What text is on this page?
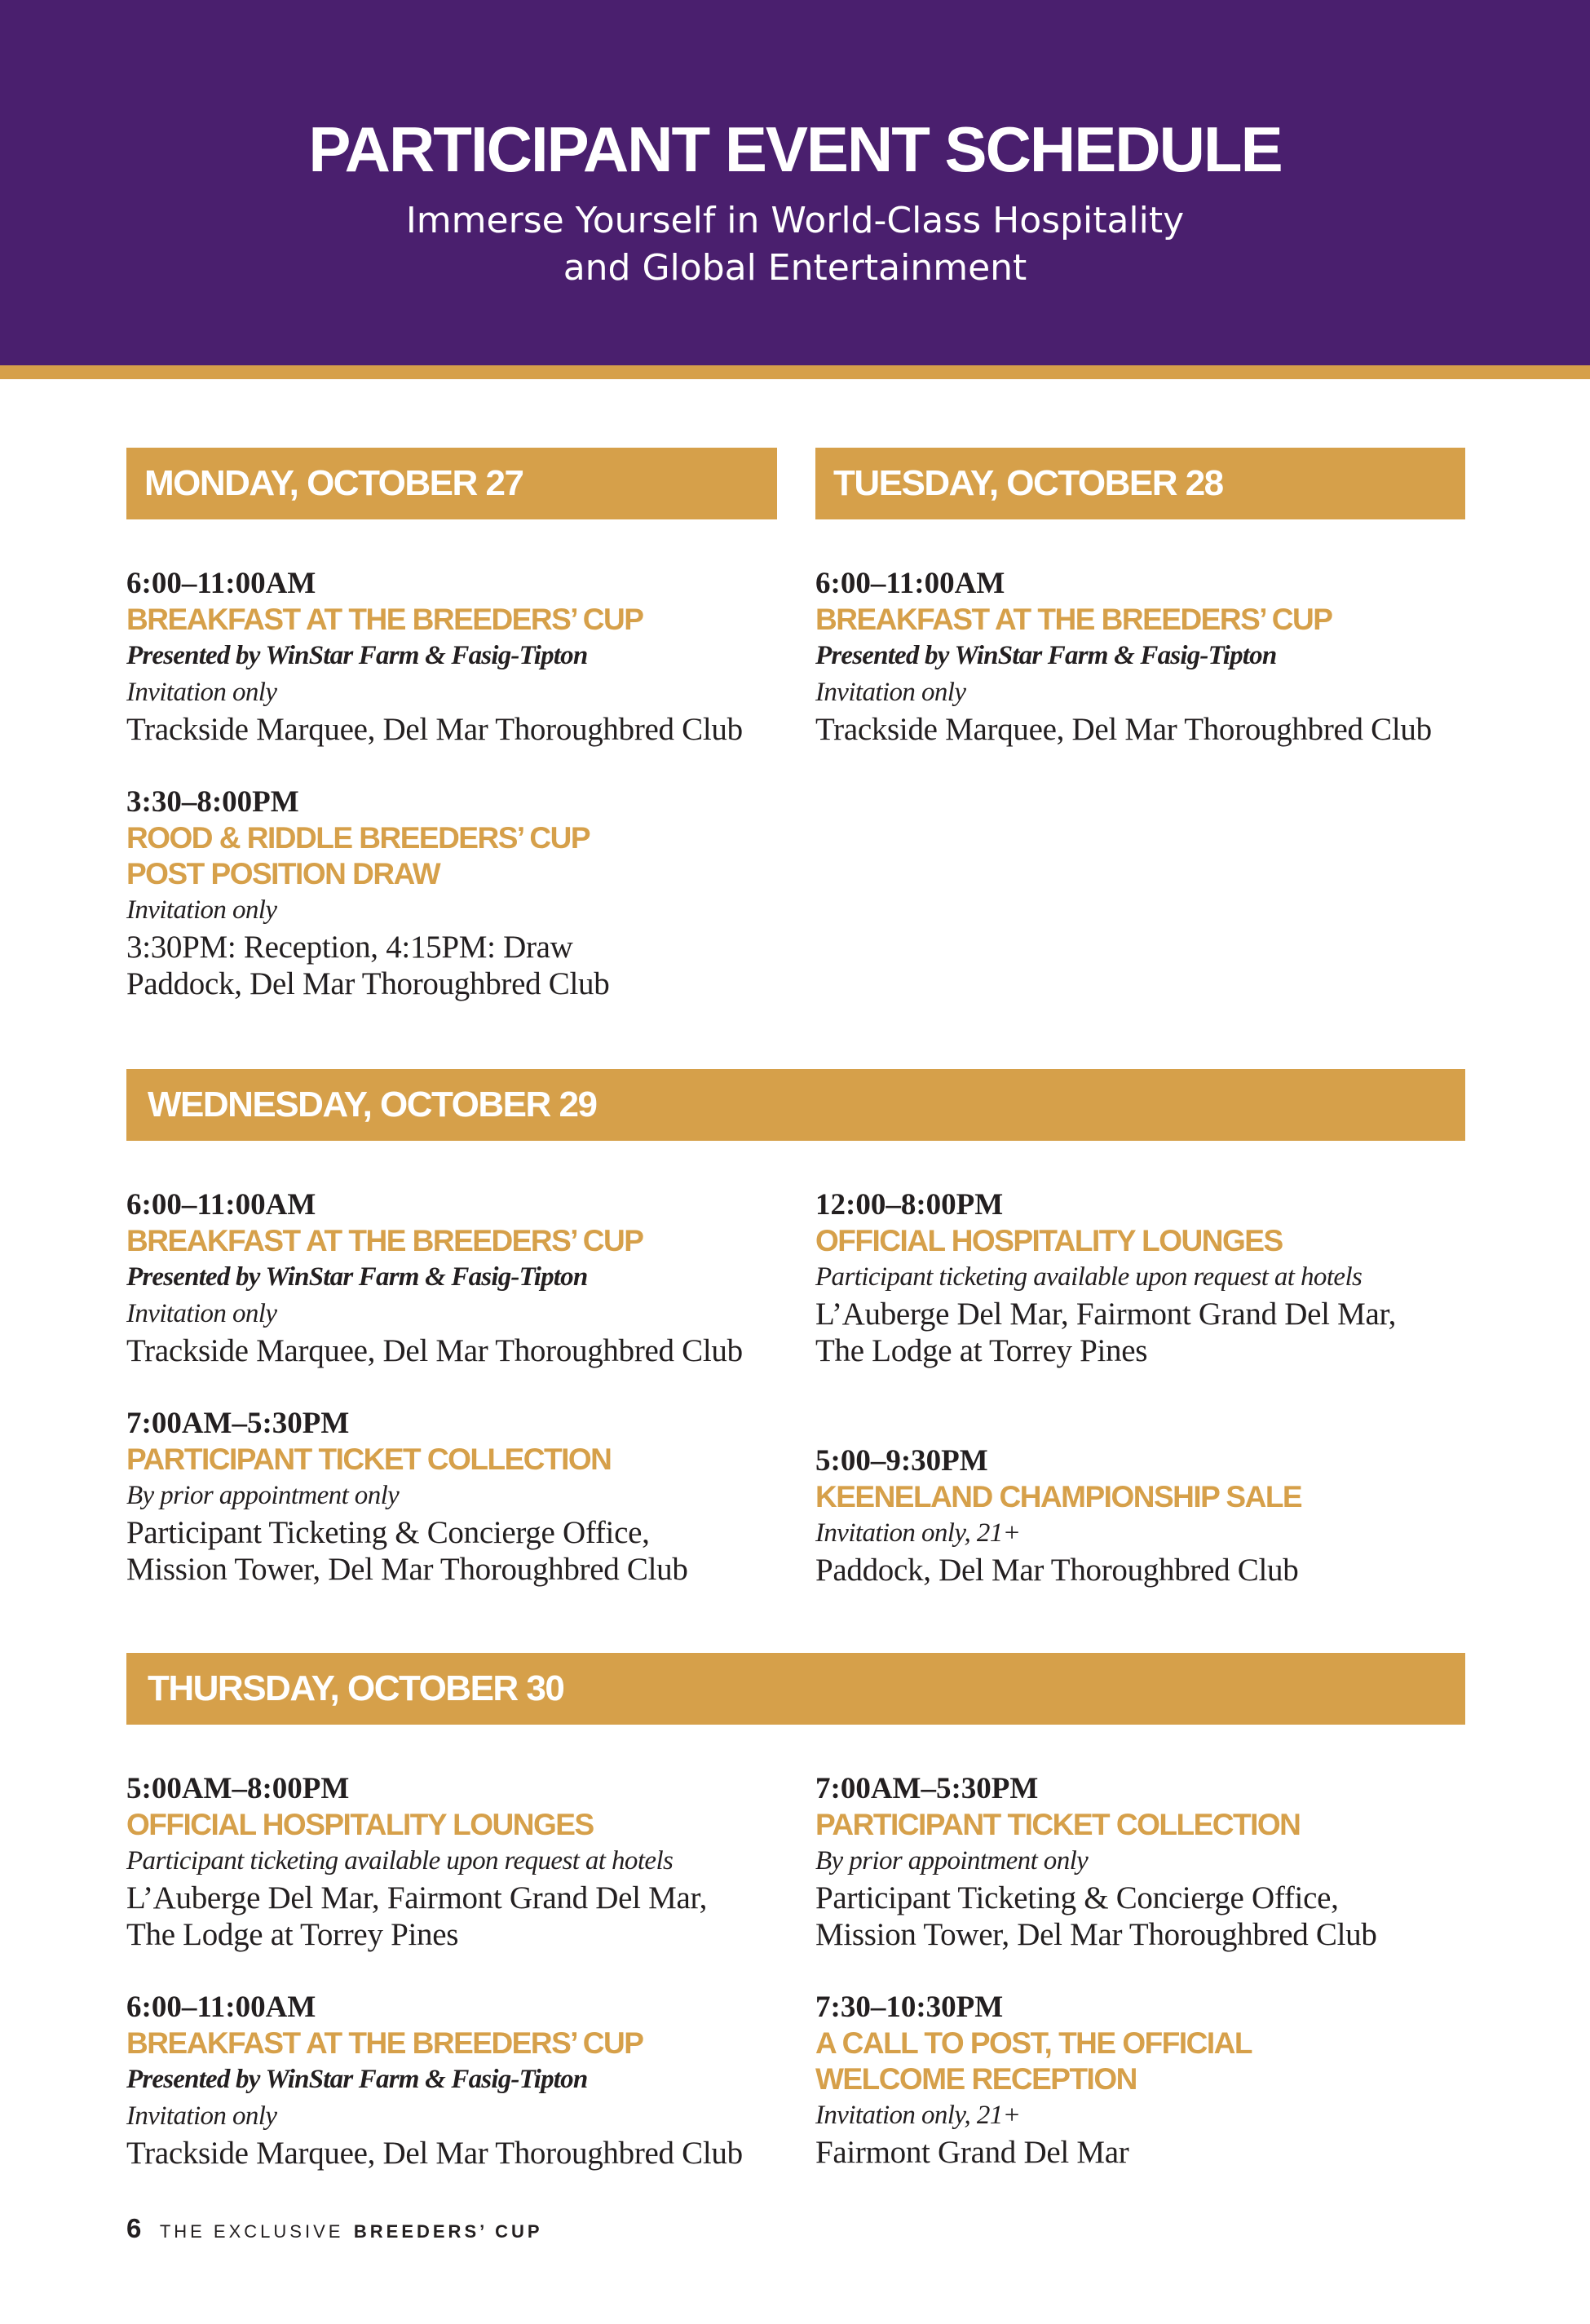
PARTICIPANT EVENT SCHEDULE
Immerse Yourself in World-Class Hospitality
and Global Entertainment
MONDAY, OCTOBER 27	TUESDAY, OCTOBER 28
6:00–11:00AM
BREAKFAST AT THE BREEDERS’ CUP
Presented by WinStar Farm & Fasig-Tipton
Invitation only
Trackside Marquee, Del Mar Thoroughbred Club
3:30–8:00PM
ROOD & RIDDLE BREEDERS’ CUP
POST POSITION DRAW
Invitation only
3:30PM: Reception, 4:15PM: Draw
Paddock, Del Mar Thoroughbred Club
6:00–11:00AM
BREAKFAST AT THE BREEDERS’ CUP
Presented by WinStar Farm & Fasig-Tipton
Invitation only
Trackside Marquee, Del Mar Thoroughbred Club
WEDNESDAY, OCTOBER 29
6:00–11:00AM
BREAKFAST AT THE BREEDERS’ CUP
Presented by WinStar Farm & Fasig-Tipton
Invitation only
Trackside Marquee, Del Mar Thoroughbred Club
12:00–8:00PM
OFFICIAL HOSPITALITY LOUNGES
Participant ticketing available upon request at hotels
L’Auberge Del Mar, Fairmont Grand Del Mar,
The Lodge at Torrey Pines
7:00AM–5:30PM
PARTICIPANT TICKET COLLECTION
By prior appointment only
Participant Ticketing & Concierge Office,
Mission Tower, Del Mar Thoroughbred Club
5:00–9:30PM
KEENELAND CHAMPIONSHIP SALE
Invitation only, 21+
Paddock, Del Mar Thoroughbred Club
THURSDAY, OCTOBER 30
5:00AM–8:00PM
OFFICIAL HOSPITALITY LOUNGES
Participant ticketing available upon request at hotels
L’Auberge Del Mar, Fairmont Grand Del Mar,
The Lodge at Torrey Pines
7:00AM–5:30PM
PARTICIPANT TICKET COLLECTION
By prior appointment only
Participant Ticketing & Concierge Office,
Mission Tower, Del Mar Thoroughbred Club
6:00–11:00AM
BREAKFAST AT THE BREEDERS’ CUP
Presented by WinStar Farm & Fasig-Tipton
Invitation only
Trackside Marquee, Del Mar Thoroughbred Club
7:30–10:30PM
A CALL TO POST, THE OFFICIAL
WELCOME RECEPTION
Invitation only, 21+
Fairmont Grand Del Mar
6 THE EXCLUSIVE BREEDERS’ CUP
